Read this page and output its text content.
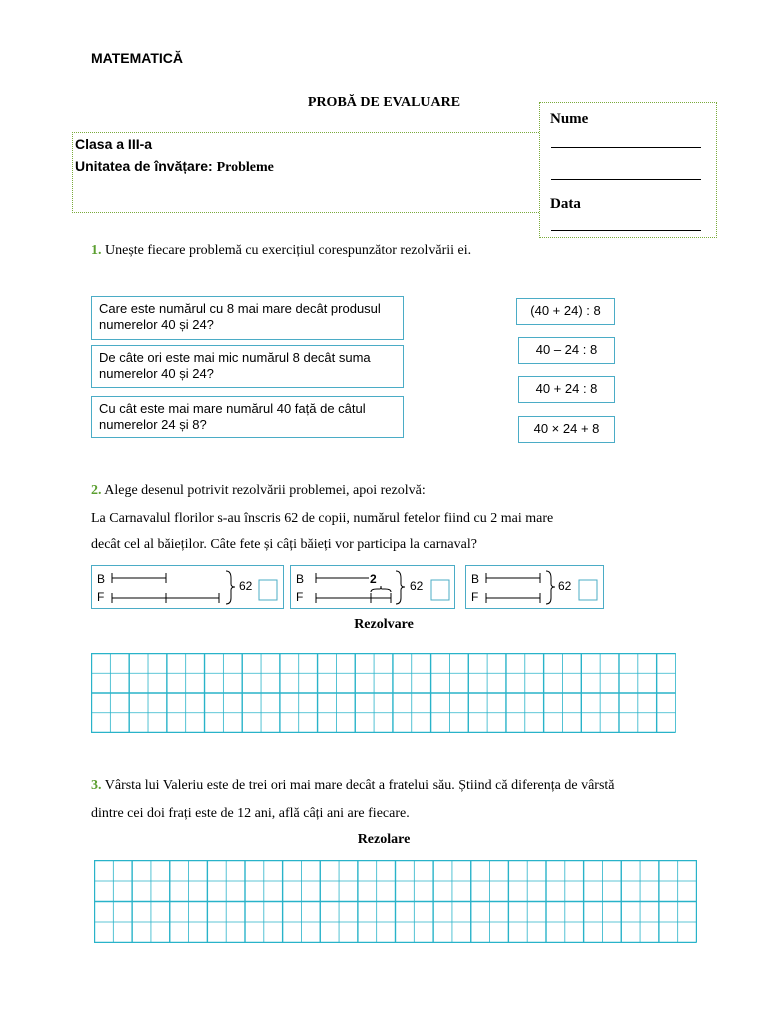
MATEMATICĂ
PROBĂ DE EVALUARE
Clasa a III-a
Unitatea de învățare: Probleme
Nume
Data
1. Unește fiecare problemă cu exercițiul corespunzător rezolvării ei.
Care este numărul cu 8 mai mare decât produsul
numerelor 40 și 24?
De câte ori este mai mic numărul 8 decât suma
numerelor 40 și 24?
Cu cât este mai mare numărul 40 față de câtul
numerelor 24 și 8?
(40 + 24) : 8
40 – 24 : 8
40 + 24 : 8
40 × 24 + 8
2. Alege desenul potrivit rezolvării problemei, apoi rezolvă:
La Carnavalul florilor s-au înscris 62 de copii, numărul fetelor fiind cu 2 mai mare
decât cel al băieților. Câte fete și câți băieți vor participa la carnaval?
B
F
62	B
F
2	62	B
F
62
Rezolvare
3. Vârsta lui Valeriu este de trei ori mai mare decât a fratelui său. Știind că diferența de vârstă
dintre cei doi frați este de 12 ani, află câți ani are fiecare.
Rezolare
